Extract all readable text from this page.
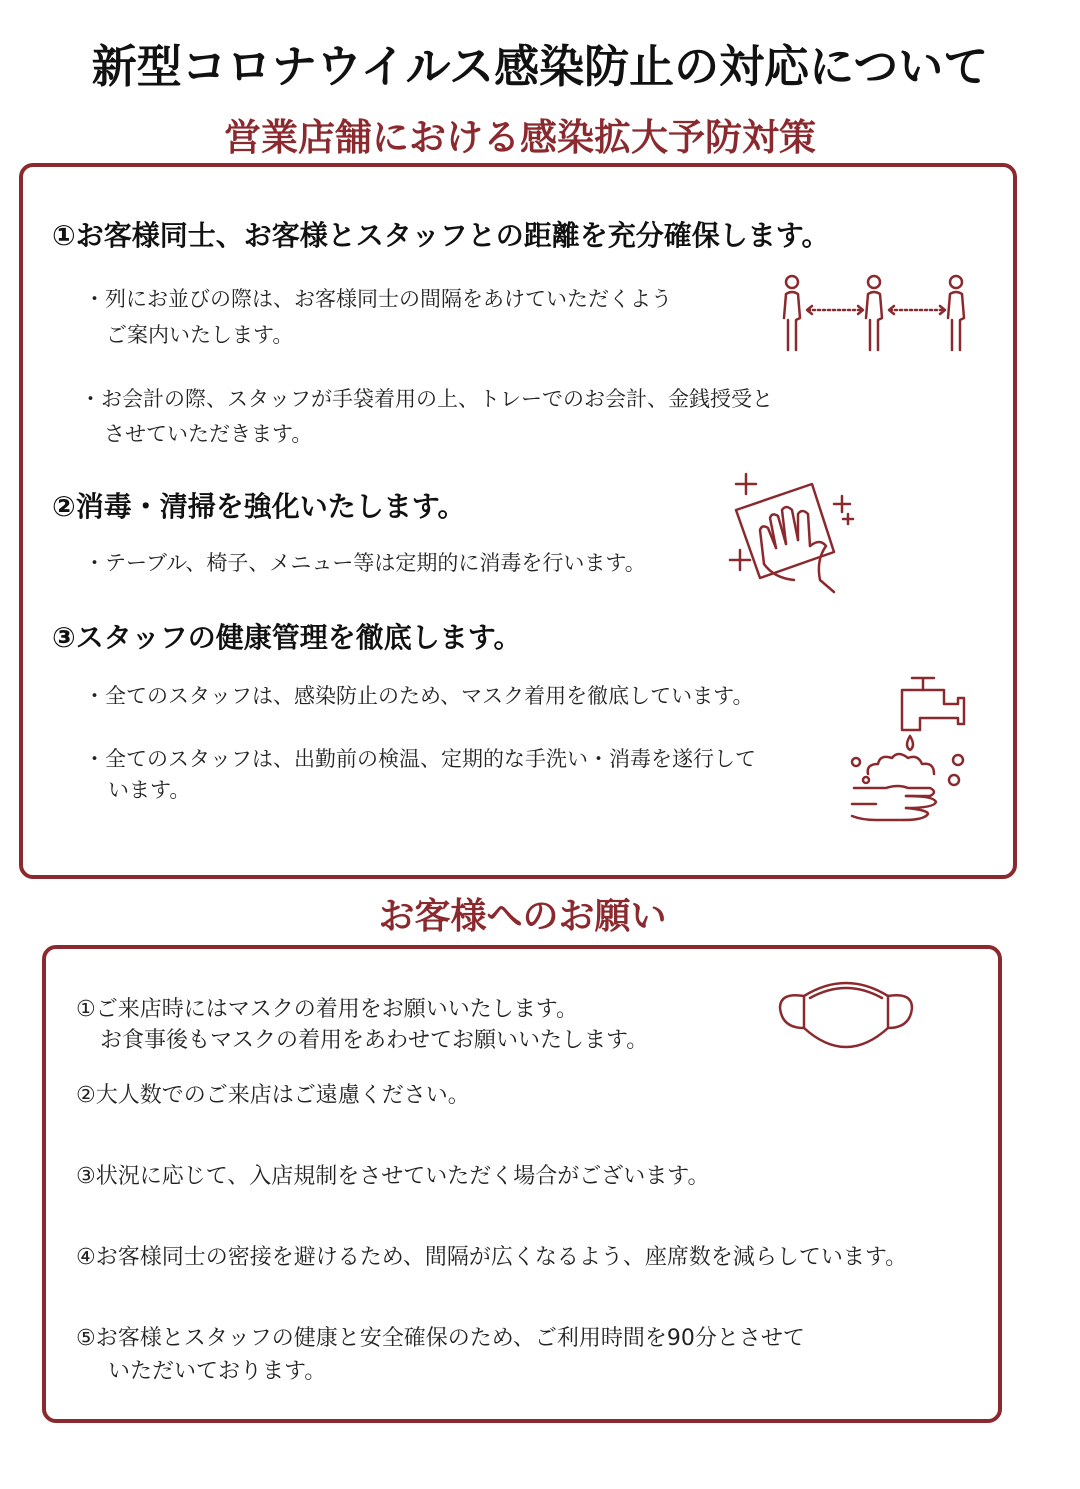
新型コロナウイルス感染防止の対応について
営業店舗における感染拡大予防対策
①お客様同士、お客様とスタッフとの距離を充分確保します。
・列にお並びの際は、お客様同士の間隔をあけていただくよう
ご案内いたします。
・お会計の際、スタッフが手袋着用の上、トレーでのお会計、金銭授受と
させていただきます。
②消毒・清掃を強化いたします。
・テーブル、椅子、メニュー等は定期的に消毒を行います。
③スタッフの健康管理を徹底します。
・全てのスタッフは、感染防止のため、マスク着用を徹底しています。
・全てのスタッフは、出勤前の検温、定期的な手洗い・消毒を遂行して
います。
お客様へのお願い
①ご来店時にはマスクの着用をお願いいたします。
お食事後もマスクの着用をあわせてお願いいたします。
②大人数でのご来店はご遠慮ください。
③状況に応じて、入店規制をさせていただく場合がございます。
④お客様同士の密接を避けるため、間隔が広くなるよう、座席数を減らしています。
⑤お客様とスタッフの健康と安全確保のため、ご利用時間を90分とさせて
いただいております。
